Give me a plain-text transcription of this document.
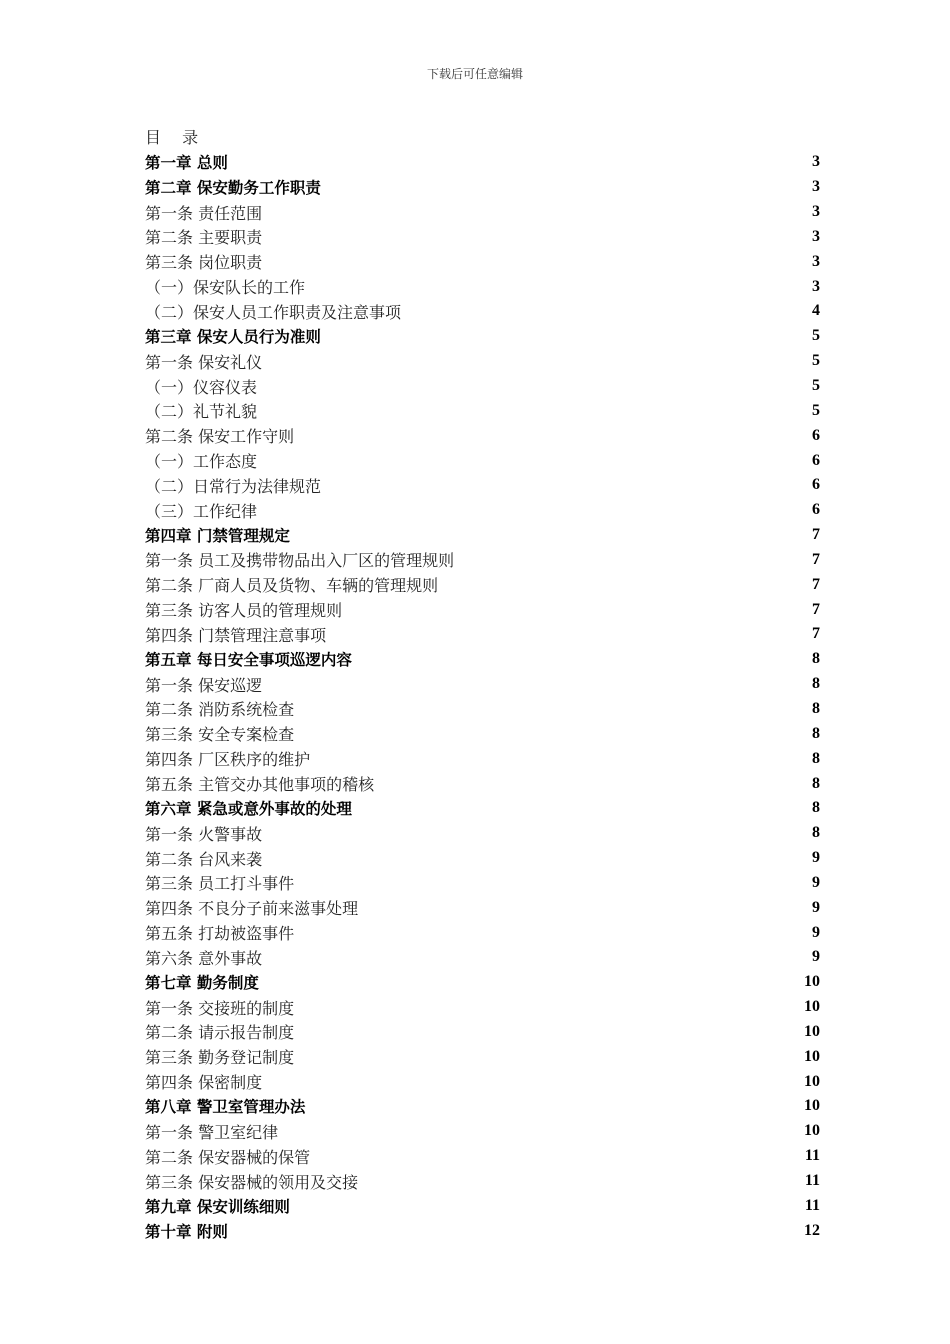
下载后可任意编辑
目 录
第一章 总则	3
第二章 保安勤务工作职责	3
第一条 责任范围	3
第二条 主要职责	3
第三条 岗位职责	3
（一）保安队长的工作	3
（二）保安人员工作职责及注意事项	4
第三章 保安人员行为准则	5
第一条 保安礼仪	5
（一）仪容仪表	5
（二）礼节礼貌	5
第二条 保安工作守则	6
（一）工作态度	6
（二）日常行为法律规范	6
（三）工作纪律	6
第四章 门禁管理规定	7
第一条 员工及携带物品出入厂区的管理规则	7
第二条 厂商人员及货物、车辆的管理规则	7
第三条 访客人员的管理规则	7
第四条 门禁管理注意事项	7
第五章 每日安全事项巡逻内容	8
第一条 保安巡逻	8
第二条 消防系统检查	8
第三条 安全专案检查	8
第四条 厂区秩序的维护	8
第五条 主管交办其他事项的稽核	8
第六章 紧急或意外事故的处理	8
第一条 火警事故	8
第二条 台风来袭	9
第三条 员工打斗事件	9
第四条 不良分子前来滋事处理	9
第五条 打劫被盗事件	9
第六条 意外事故	9
第七章 勤务制度	10
第一条 交接班的制度	10
第二条 请示报告制度	10
第三条 勤务登记制度	10
第四条 保密制度	10
第八章 警卫室管理办法	10
第一条 警卫室纪律	10
第二条 保安器械的保管	11
第三条 保安器械的领用及交接	11
第九章 保安训练细则	11
第十章 附则	12
